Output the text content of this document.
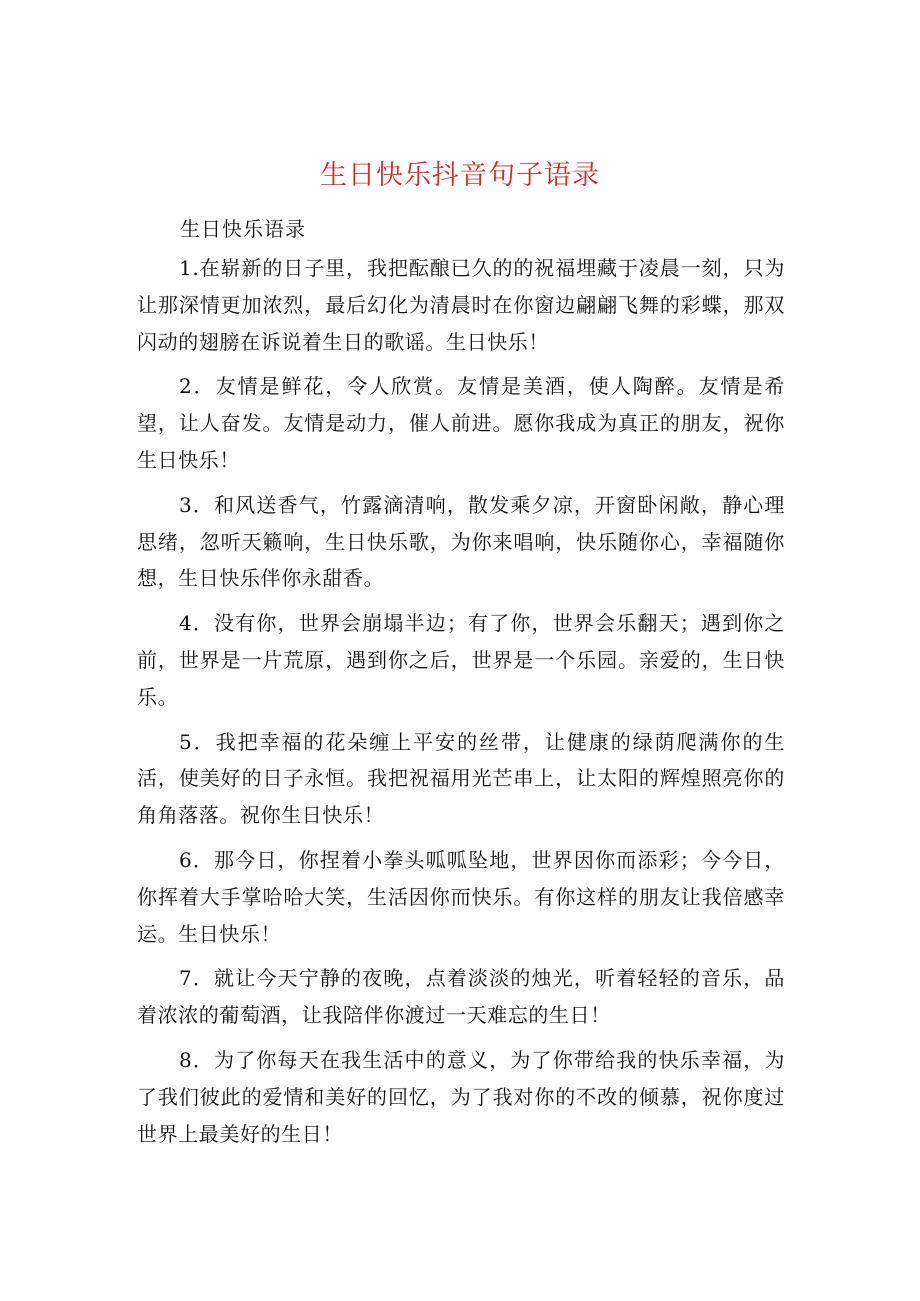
生日快乐抖音句子语录
生日快乐语录

1.在崭新的日子里，我把酝酿已久的的祝福埋藏于凌晨一刻，只为让那深情更加浓烈，最后幻化为清晨时在你窗边翩翩飞舞的彩蝶，那双闪动的翅膀在诉说着生日的歌谣。生日快乐！

2．友情是鲜花，令人欣赏。友情是美酒，使人陶醉。友情是希望，让人奋发。友情是动力，催人前进。愿你我成为真正的朋友，祝你生日快乐！

3．和风送香气，竹露滴清响，散发乘夕凉，开窗卧闲敞，静心理思绪，忽听天籁响，生日快乐歌，为你来唱响，快乐随你心，幸福随你想，生日快乐伴你永甜香。

4．没有你，世界会崩塌半边；有了你，世界会乐翻天；遇到你之前，世界是一片荒原，遇到你之后，世界是一个乐园。亲爱的，生日快乐。

5．我把幸福的花朵缠上平安的丝带，让健康的绿荫爬满你的生活，使美好的日子永恒。我把祝福用光芒串上，让太阳的辉煌照亮你的角角落落。祝你生日快乐！

6．那今日，你捏着小拳头呱呱坠地，世界因你而添彩；今今日，你挥着大手掌哈哈大笑，生活因你而快乐。有你这样的朋友让我倍感幸运。生日快乐！

7．就让今天宁静的夜晚，点着淡淡的烛光，听着轻轻的音乐，品着浓浓的葡萄酒，让我陪伴你渡过一天难忘的生日！

8．为了你每天在我生活中的意义，为了你带给我的快乐幸福，为了我们彼此的爱情和美好的回忆，为了我对你的不改的倾慕，祝你度过世界上最美好的生日！
